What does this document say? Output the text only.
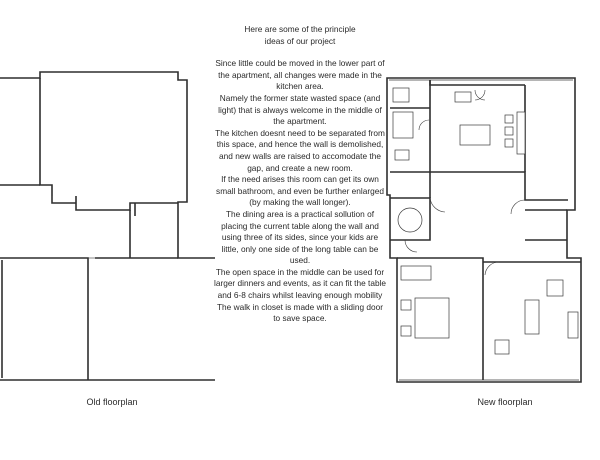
Here are some of the principle

ideas of our project

Since little could be moved in the lower part of the apartment, all changes were made in the kitchen area.

Namely the former state wasted space (and light) that is always welcome in the middle of the apartment.

The kitchen doesnt need to be separated from this space, and hence the wall is demolished, and new walls are raised to accomodate the gap, and create a new room.

If the need arises this room can get its own small bathroom, and even be further enlarged (by making the wall longer).

The dining area is a practical sollution of placing the current table along the wall and using three of its sides, since your kids are little, only one side of the long table can be used.

The open space in the middle can be used for larger dinners and events, as it can fit the table and 6-8 chairs whilst leaving enough mobility

The walk in closet is made with a sliding door to save space.

Old floorplan	New floorplan
